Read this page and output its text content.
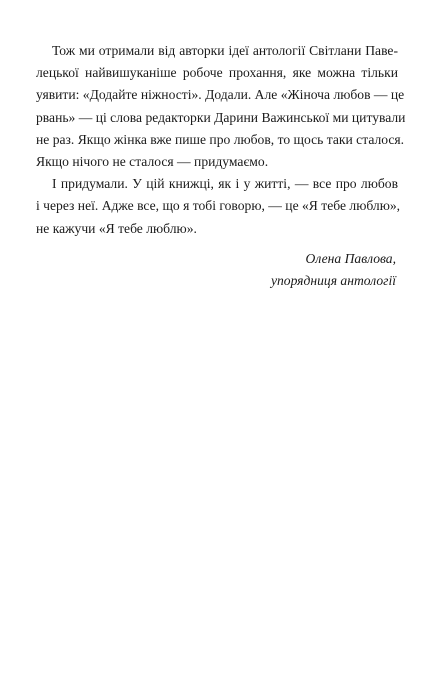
Тож ми отримали від авторки ідеї антології Світлани Паве-
лецької найвишуканіше робоче прохання, яке можна тільки
уявити: «Додайте ніжності». Додали. Але «Жіноча любов — це
рвань» — ці слова редакторки Дарини Важинської ми цитували
не раз. Якщо жінка вже пише про любов, то щось таки сталося.
Якщо нічого не сталося — придумаємо.
І придумали. У цій книжці, як і у житті, — все про любов
і через неї. Адже все, що я тобі говорю, — це «Я тебе люблю»,
не кажучи «Я тебе люблю».
Олена Павлова,
упорядниця антології
